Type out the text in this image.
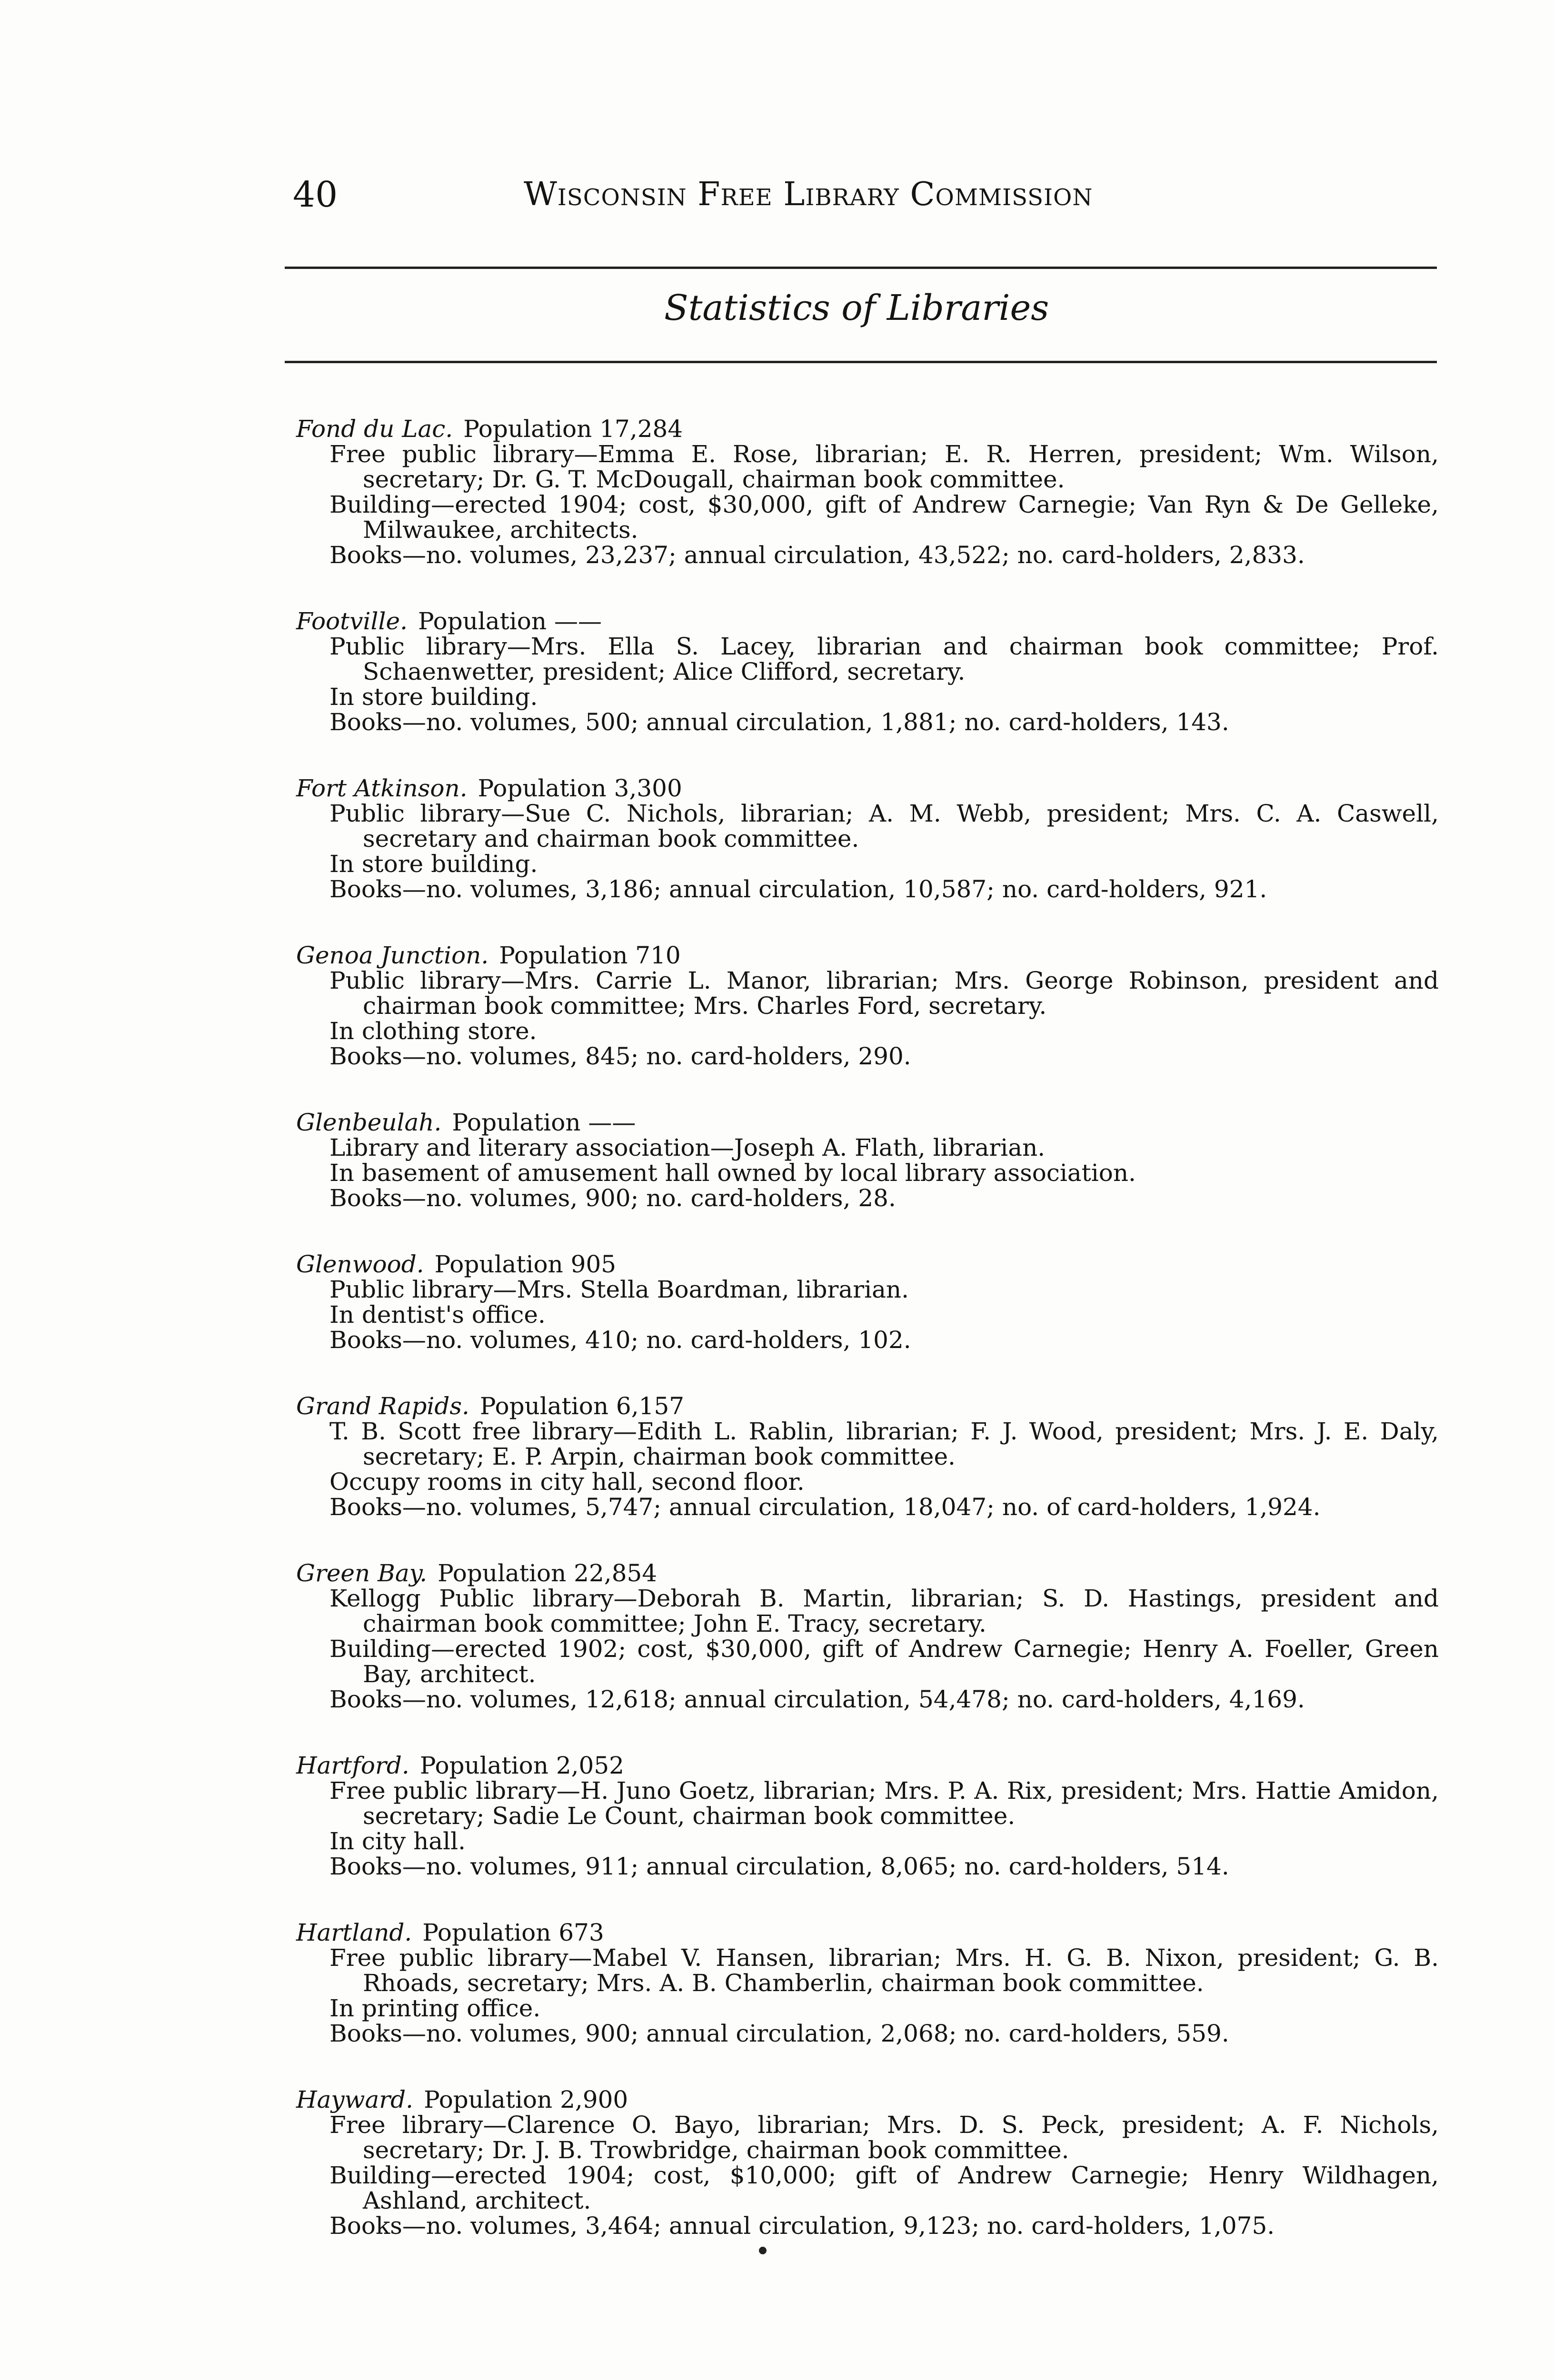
40	Wisconsin Free Library Commission
Statistics of Libraries
Fond du Lac. Population 17,284
Free public library—Emma E. Rose, librarian; E. R. Herren, president; Wm. Wilson, secretary; Dr. G. T. McDougall, chairman book committee.
Building—erected 1904; cost, $30,000, gift of Andrew Carnegie; Van Ryn & De Gelleke, Milwaukee, architects.
Books—no. volumes, 23,237; annual circulation, 43,522; no. card-holders, 2,833.
Footville. Population ——
Public library—Mrs. Ella S. Lacey, librarian and chairman book committee; Prof. Schaenwetter, president; Alice Clifford, secretary.
In store building.
Books—no. volumes, 500; annual circulation, 1,881; no. card-holders, 143.
Fort Atkinson. Population 3,300
Public library—Sue C. Nichols, librarian; A. M. Webb, president; Mrs. C. A. Caswell, secretary and chairman book committee.
In store building.
Books—no. volumes, 3,186; annual circulation, 10,587; no. card-holders, 921.
Genoa Junction. Population 710
Public library—Mrs. Carrie L. Manor, librarian; Mrs. George Robinson, president and chairman book committee; Mrs. Charles Ford, secretary.
In clothing store.
Books—no. volumes, 845; no. card-holders, 290.
Glenbeulah. Population ——
Library and literary association—Joseph A. Flath, librarian.
In basement of amusement hall owned by local library association.
Books—no. volumes, 900; no. card-holders, 28.
Glenwood. Population 905
Public library—Mrs. Stella Boardman, librarian.
In dentist's office.
Books—no. volumes, 410; no. card-holders, 102.
Grand Rapids. Population 6,157
T. B. Scott free library—Edith L. Rablin, librarian; F. J. Wood, president; Mrs. J. E. Daly, secretary; E. P. Arpin, chairman book committee.
Occupy rooms in city hall, second floor.
Books—no. volumes, 5,747; annual circulation, 18,047; no. of card-holders, 1,924.
Green Bay. Population 22,854
Kellogg Public library—Deborah B. Martin, librarian; S. D. Hastings, president and chairman book committee; John E. Tracy, secretary.
Building—erected 1902; cost, $30,000, gift of Andrew Carnegie; Henry A. Foeller, Green Bay, architect.
Books—no. volumes, 12,618; annual circulation, 54,478; no. card-holders, 4,169.
Hartford. Population 2,052
Free public library—H. Juno Goetz, librarian; Mrs. P. A. Rix, president; Mrs. Hattie Amidon, secretary; Sadie Le Count, chairman book committee.
In city hall.
Books—no. volumes, 911; annual circulation, 8,065; no. card-holders, 514.
Hartland. Population 673
Free public library—Mabel V. Hansen, librarian; Mrs. H. G. B. Nixon, president; G. B. Rhoads, secretary; Mrs. A. B. Chamberlin, chairman book committee.
In printing office.
Books—no. volumes, 900; annual circulation, 2,068; no. card-holders, 559.
Hayward. Population 2,900
Free library—Clarence O. Bayo, librarian; Mrs. D. S. Peck, president; A. F. Nichols, secretary; Dr. J. B. Trowbridge, chairman book committee.
Building—erected 1904; cost, $10,000; gift of Andrew Carnegie; Henry Wildhagen, Ashland, architect.
Books—no. volumes, 3,464; annual circulation, 9,123; no. card-holders, 1,075.
